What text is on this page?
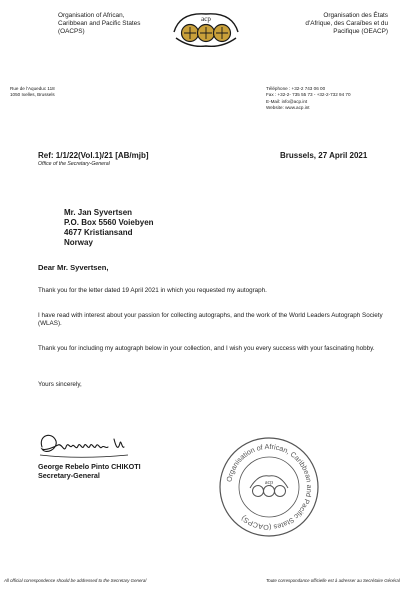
Organisation of African,
Caribbean and Pacific States
(OACPS)
acp	Organisation des États
d'Afrique, des Caraïbes et du
Pacifique (OEACP)
Rue de l'Aqueduc 118
1050 Ixelles, Brussels
Téléphone : +32-2 743 06 00
Fax : +32-2- 735 55 73 - +32-2-732 94 70
E-Mail: info@acp.int
Website: www.acp.int
Ref: 1/1/22(Vol.1)/21 [AB/mjb]
Office of the Secretary-General
Brussels, 27 April 2021
Mr. Jan Syvertsen
P.O. Box 5560 Voiebyen
4677 Kristiansand
Norway
Dear Mr. Syvertsen,
Thank you for the letter dated 19 April 2021 in which you requested my autograph.
I have read with interest about your passion for collecting autographs, and the work of the World Leaders Autograph Society (WLAS).
Thank you for including my autograph below in your collection, and I wish you every success with your fascinating hobby.
Yours sincerely,
George Rebelo Pinto CHIKOTI
Secretary-General	Organisation of African, Caribbean and Pacific States (OACPS)
acp
All official correspondence should be addressed to the Secretary General	Toute correspondance officielle est à adresser au Secrétaire Général
